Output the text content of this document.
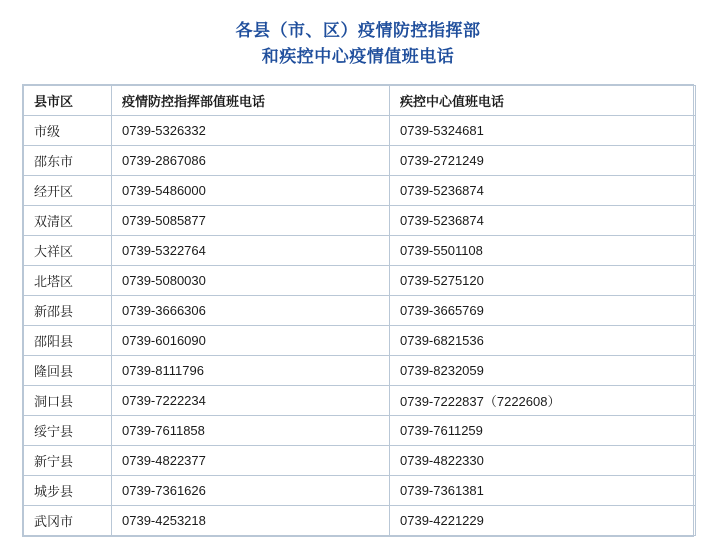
各县（市、区）疫情防控指挥部
和疾控中心疫情值班电话
县市区	疫情防控指挥部值班电话	疾控中心值班电话
市级	0739-5326332	0739-5324681
邵东市	0739-2867086	0739-2721249
经开区	0739-5486000	0739-5236874
双清区	0739-5085877	0739-5236874
大祥区	0739-5322764	0739-5501108
北塔区	0739-5080030	0739-5275120
新邵县	0739-3666306	0739-3665769
邵阳县	0739-6016090	0739-6821536
隆回县	0739-8111796	0739-8232059
洞口县	0739-7222234	0739-7222837（7222608）
绥宁县	0739-7611858	0739-7611259
新宁县	0739-4822377	0739-4822330
城步县	0739-7361626	0739-7361381
武冈市	0739-4253218	0739-4221229
